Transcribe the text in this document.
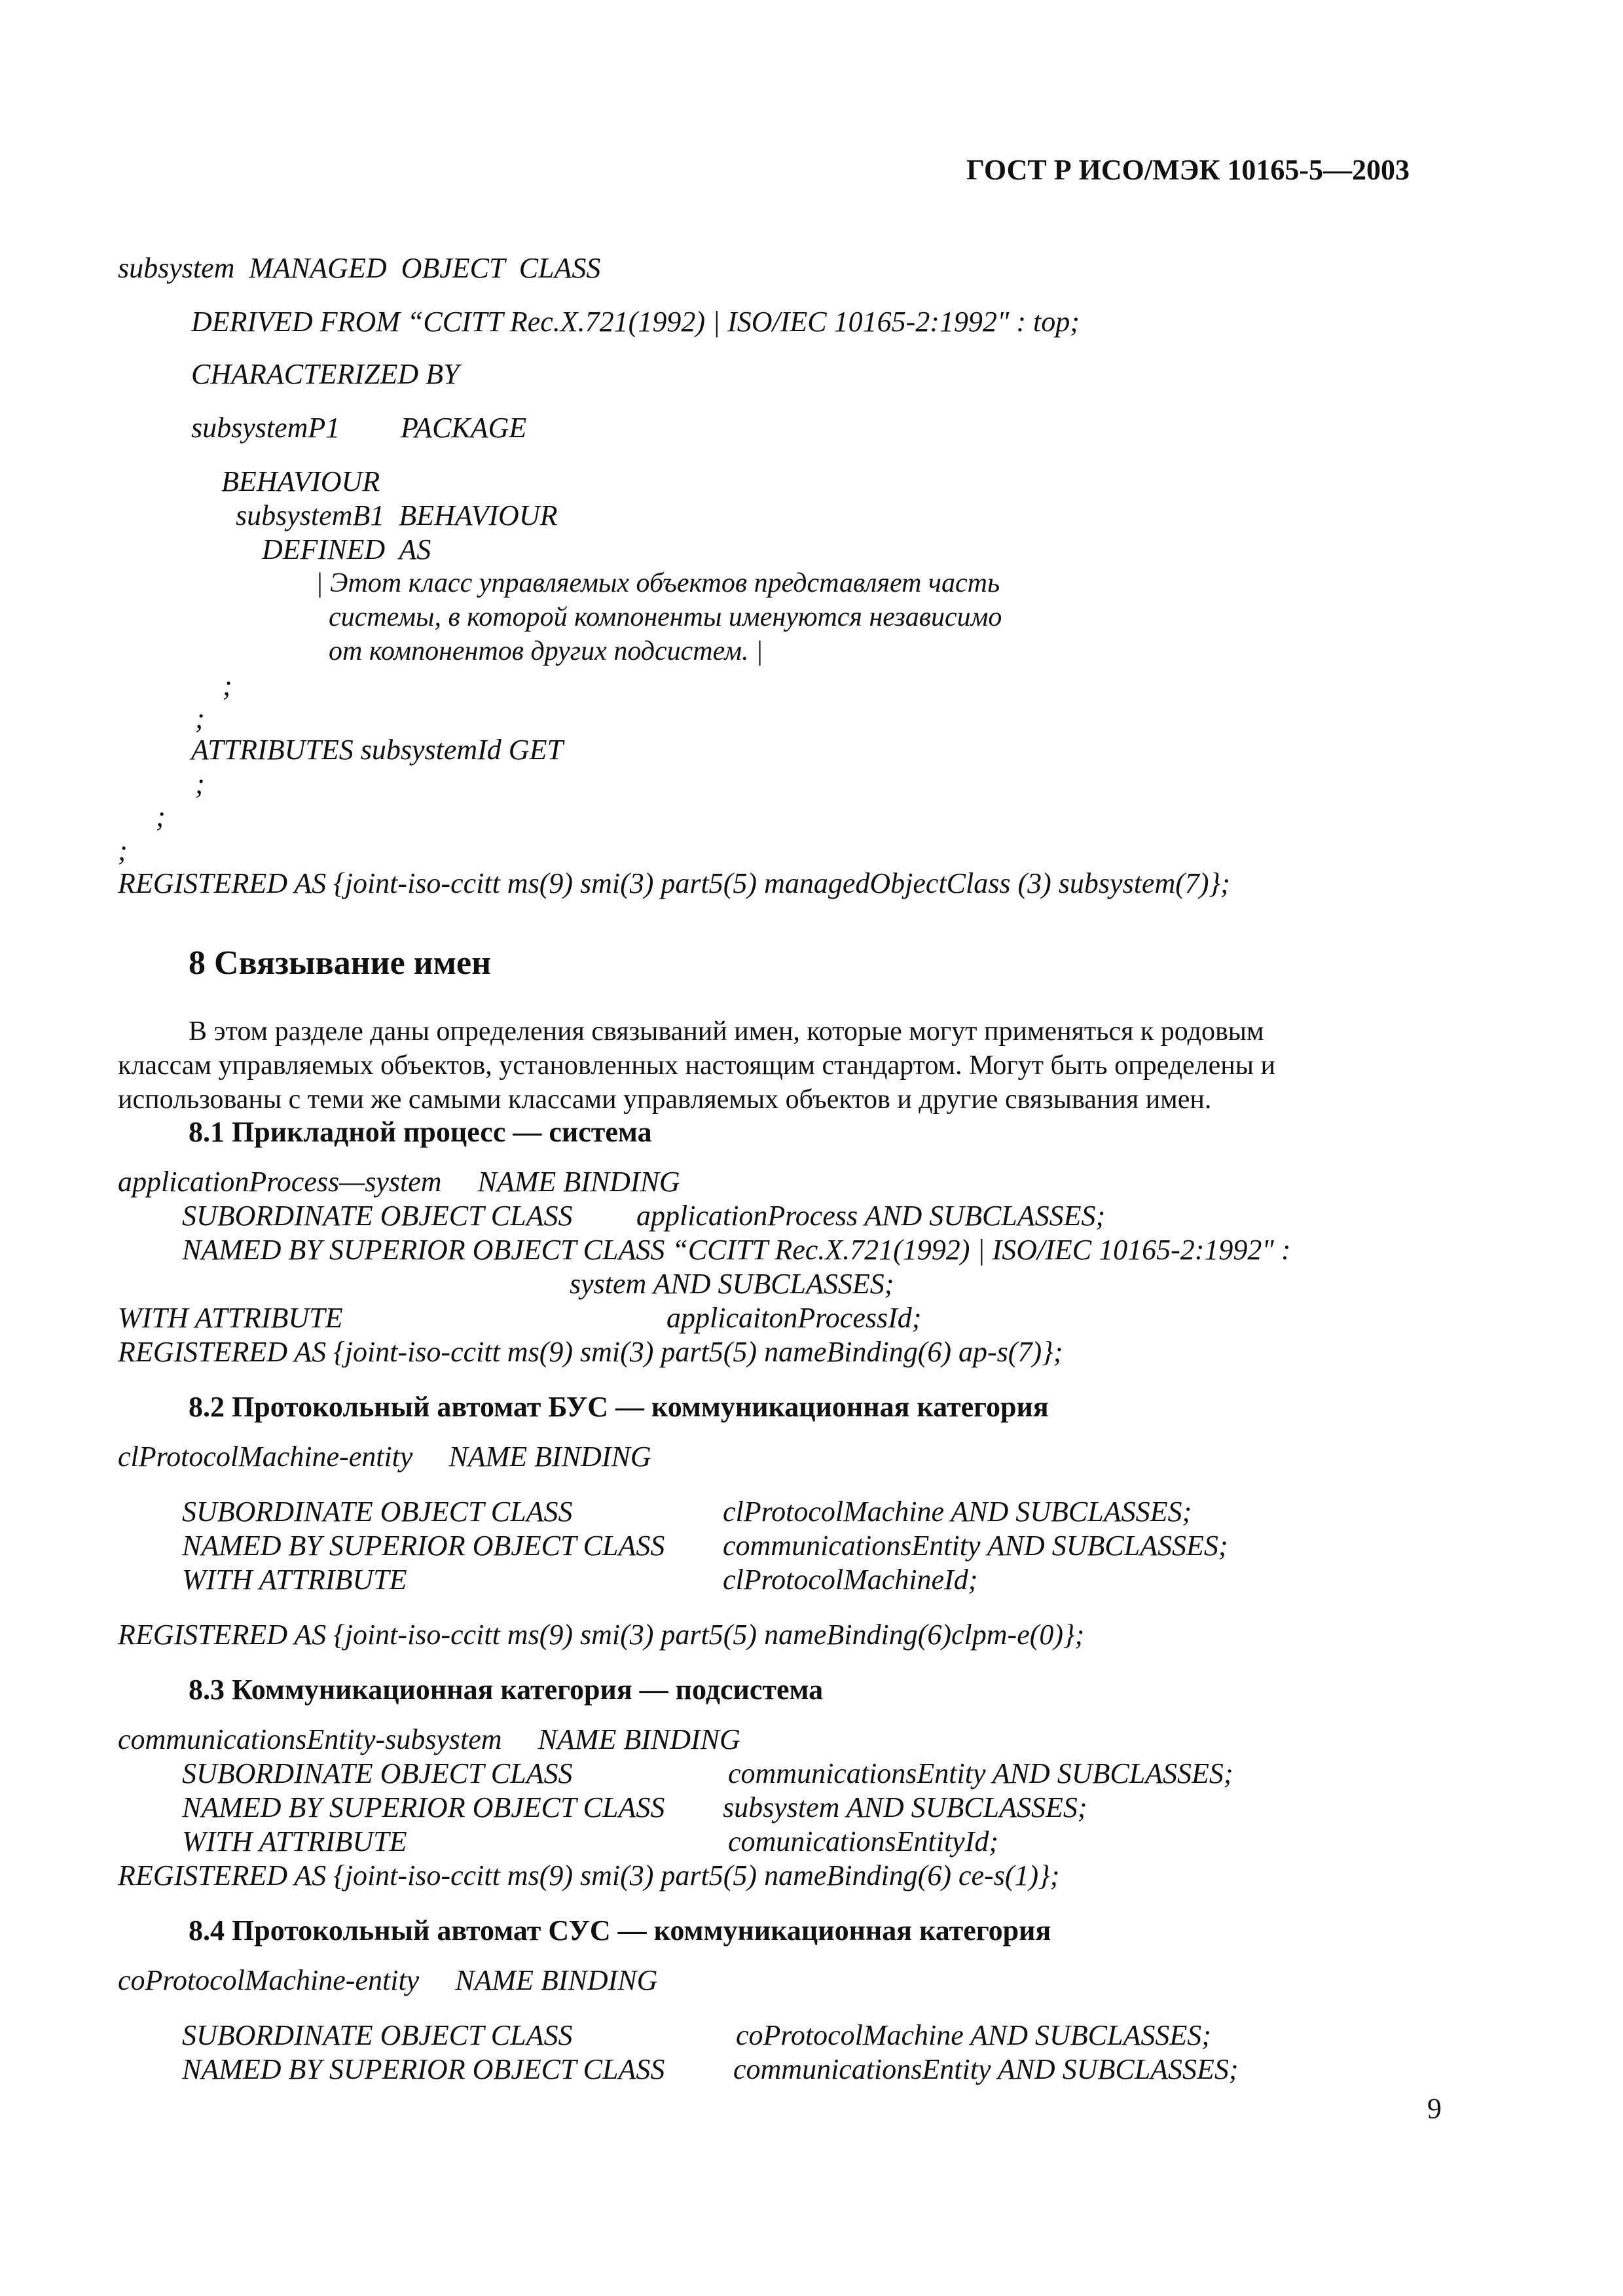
ГОСТ Р ИСО/МЭК 10165-5—2003
subsystem  MANAGED  OBJECT  CLASS
DERIVED FROM “CCITT Rec.X.721(1992) | ISO/IEC 10165-2:1992" : top;
CHARACTERIZED BY
subsystemP1 PACKAGE
BEHAVIOUR
subsystemB1  BEHAVIOUR
DEFINED  AS
| Этот класс управляемых объектов представляет часть
системы, в которой компоненты именуются независимо
от компонентов других подсистем. |
;
;
ATTRIBUTES subsystemId GET
;
;
;
REGISTERED AS {joint-iso-ccitt ms(9) smi(3) part5(5) managedObjectClass (3) subsystem(7)};
8 Связывание имен
В этом разделе даны определения связываний имен, которые могут применяться к родовым
классам управляемых объектов, установленных настоящим стандартом. Могут быть определены и
использованы с теми же самыми классами управляемых объектов и другие связывания имен.
8.1 Прикладной процесс — система
applicationProcess—system     NAME BINDING
SUBORDINATE OBJECT CLASS applicationProcess AND SUBCLASSES;
NAMED BY SUPERIOR OBJECT CLASS “CCITT Rec.X.721(1992) | ISO/IEC 10165-2:1992" :
system AND SUBCLASSES;
WITH ATTRIBUTE	applicaitonProcessId;
REGISTERED AS {joint-iso-ccitt ms(9) smi(3) part5(5) nameBinding(6) ap-s(7)};
8.2 Протокольный автомат БУС — коммуникационная категория
clProtocolMachine-entity     NAME BINDING
SUBORDINATE OBJECT CLASS	clProtocolMachine AND SUBCLASSES;
NAMED BY SUPERIOR OBJECT CLASS communicationsEntity AND SUBCLASSES;
WITH ATTRIBUTE	clProtocolMachineId;
REGISTERED AS {joint-iso-ccitt ms(9) smi(3) part5(5) nameBinding(6)clpm-e(0)};
8.3 Коммуникационная категория — подсистема
communicationsEntity-subsystem     NAME BINDING
SUBORDINATE OBJECT CLASS	communicationsEntity AND SUBCLASSES;
NAMED BY SUPERIOR OBJECT CLASS subsystem AND SUBCLASSES;
WITH ATTRIBUTE	comunicationsEntityId;
REGISTERED AS {joint-iso-ccitt ms(9) smi(3) part5(5) nameBinding(6) ce-s(1)};
8.4 Протокольный автомат СУС — коммуникационная категория
coProtocolMachine-entity     NAME BINDING
SUBORDINATE OBJECT CLASS	coProtocolMachine AND SUBCLASSES;
NAMED BY SUPERIOR OBJECT CLASS communicationsEntity AND SUBCLASSES;
9
